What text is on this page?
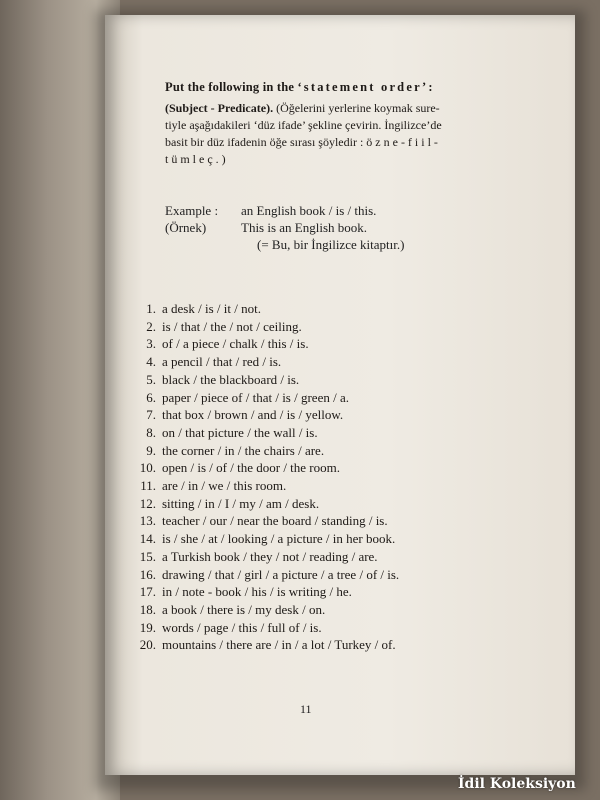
Put the following in the ‘statement order’:
(Subject - Predicate). (Öğelerini yerlerine koymak sure-
tiyle aşağıdakileri ‘düz ifade’ şekline çevirin. İngilizce’de
basit bir düz ifadenin öğe sırası şöyledir : ö z n e - f i i l -
t ü m l e ç . )
Example :
(Örnek)
an English book / is / this.
This is an English book.
(= Bu, bir İngilizce kitaptır.)
1. a desk / is / it / not.
2. is / that / the / not / ceiling.
3. of / a piece / chalk / this / is.
4. a pencil / that / red / is.
5. black / the blackboard / is.
6. paper / piece of / that / is / green / a.
7. that box / brown / and / is / yellow.
8. on / that picture / the wall / is.
9. the corner / in / the chairs / are.
10. open / is / of / the door / the room.
11. are / in / we / this room.
12. sitting / in / I / my / am / desk.
13. teacher / our / near the board / standing / is.
14. is / she / at / looking / a picture / in her book.
15. a Turkish book / they / not / reading / are.
16. drawing / that / girl / a picture / a tree / of / is.
17. in / note - book / his / is writing / he.
18. a book / there is / my desk / on.
19. words / page / this / full of / is.
20. mountains / there are / in / a lot / Turkey / of.
11
İdil Koleksiyon
